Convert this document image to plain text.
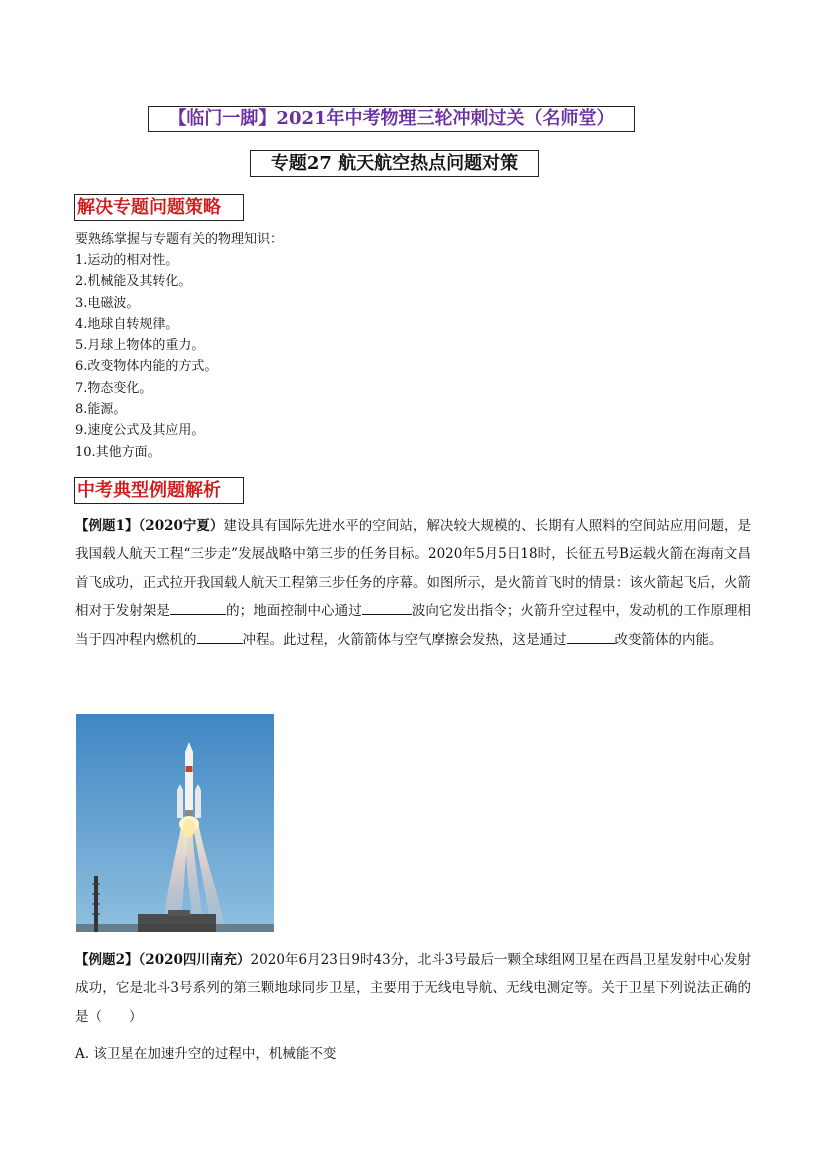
【临门一脚】2021年中考物理三轮冲刺过关（名师堂）
专题27 航天航空热点问题对策
解决专题问题策略
要熟练掌握与专题有关的物理知识：
1.运动的相对性。
2.机械能及其转化。
3.电磁波。
4.地球自转规律。
5.月球上物体的重力。
6.改变物体内能的方式。
7.物态变化。
8.能源。
9.速度公式及其应用。
10.其他方面。
中考典型例题解析
【例题1】（2020宁夏）建设具有国际先进水平的空间站，解决较大规模的、长期有人照料的空间站应用问题，是我国载人航天工程“三步走”发展战略中第三步的任务目标。2020年5月5日18时，长征五号B运载火箭在海南文昌首飞成功，正式拉开我国载人航天工程第三步任务的序幕。如图所示，是火箭首飞时的情景：该火箭起飞后，火箭相对于发射架是	的；地面控制中心通过	波向它发出指令；火箭升空过程中，发动机的工作原理相当于四冲程内燃机的	冲程。此过程，火箭箭体与空气摩擦会发热，这是通过	改变箭体的内能。
【例题2】（2020四川南充）2020年6月23日9时43分，北斗3号最后一颗全球组网卫星在西昌卫星发射中心发射成功，它是北斗3号系列的第三颗地球同步卫星，主要用于无线电导航、无线电测定等。关于卫星下列说法正确的是（　　）
A. 该卫星在加速升空的过程中，机械能不变
